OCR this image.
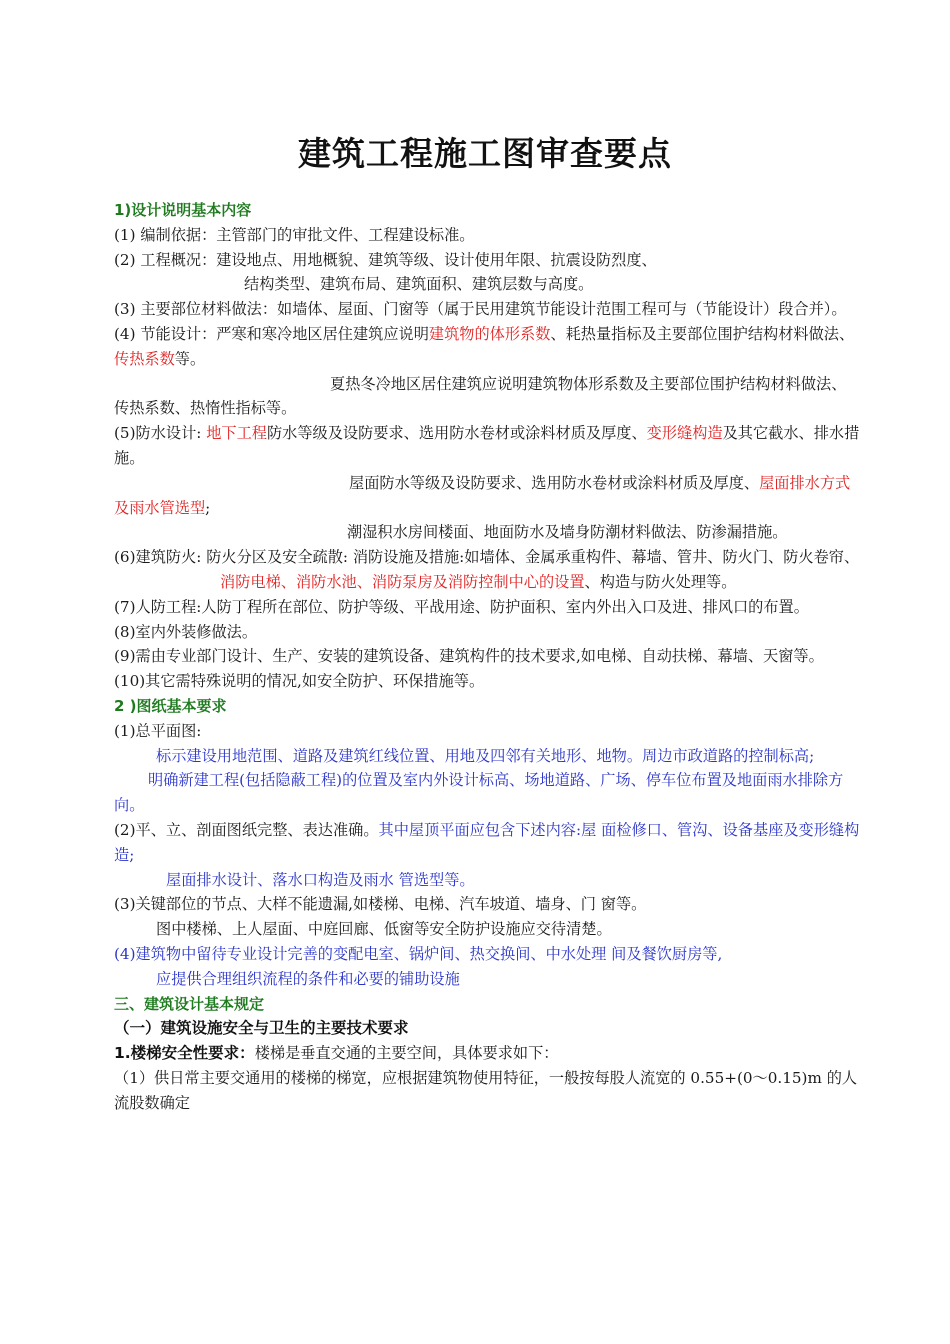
建筑工程施工图审查要点

1)设计说明基本内容

(1) 编制依据：主管部门的审批文件、工程建设标准。

(2) 工程概况：建设地点、用地概貌、建筑等级、设计使用年限、抗震设防烈度、

结构类型、建筑布局、建筑面积、建筑层数与高度。

(3) 主要部位材料做法：如墙体、屋面、门窗等（属于民用建筑节能设计范围工程可与（节能设计）段合并）。

(4) 节能设计：严寒和寒冷地区居住建筑应说明建筑物的体形系数、耗热量指标及主要部位围护结构材料做法、传热系数等。

夏热冬冷地区居住建筑应说明建筑物体形系数及主要部位围护结构材料做法、传热系数、热惰性指标等。

(5)防水设计: 地下工程防水等级及设防要求、选用防水卷材或涂料材质及厚度、变形缝构造及其它截水、排水措施。

屋面防水等级及设防要求、选用防水卷材或涂料材质及厚度、屋面排水方式及雨水管选型;

潮湿积水房间楼面、地面防水及墙身防潮材料做法、防渗漏措施。

(6)建筑防火: 防火分区及安全疏散: 消防设施及措施:如墙体、金属承重构件、幕墙、管井、防火门、防火卷帘、

消防电梯、消防水池、消防泵房及消防控制中心的设置、构造与防火处理等。

(7)人防工程:人防丁程所在部位、防护等级、平战用途、防护面积、室内外出入口及进、排风口的布置。

(8)室内外装修做法。

(9)需由专业部门设计、生产、安装的建筑设备、建筑构件的技术要求,如电梯、自动扶梯、幕墙、天窗等。

(10)其它需特殊说明的情况,如安全防护、环保措施等。

2 )图纸基本要求

(1)总平面图:

标示建设用地范围、道路及建筑红线位置、用地及四邻有关地形、地物。周边市政道路的控制标高;

明确新建工程(包括隐蔽工程)的位置及室内外设计标高、场地道路、广场、停车位布置及地面雨水排除方向。

(2)平、立、剖面图纸完整、表达准确。其中屋顶平面应包含下述内容:屋 面检修口、管沟、设备基座及变形缝构造;

屋面排水设计、落水口构造及雨水 管选型等。

(3)关键部位的节点、大样不能遗漏,如楼梯、电梯、汽车坡道、墙身、门 窗等。

图中楼梯、上人屋面、中庭回廊、低窗等安全防护设施应交待清楚。

(4)建筑物中留待专业设计完善的变配电室、锅炉间、热交换间、中水处理 间及餐饮厨房等,

应提供合理组织流程的条件和必要的铺助设施

三、建筑设计基本规定

（一）建筑设施安全与卫生的主要技术要求

1.楼梯安全性要求：楼梯是垂直交通的主要空间，具体要求如下：

（1）供日常主要交通用的楼梯的梯宽，应根据建筑物使用特征，一般按每股人流宽的 0.55+(0～0.15)m 的人流股数确定
